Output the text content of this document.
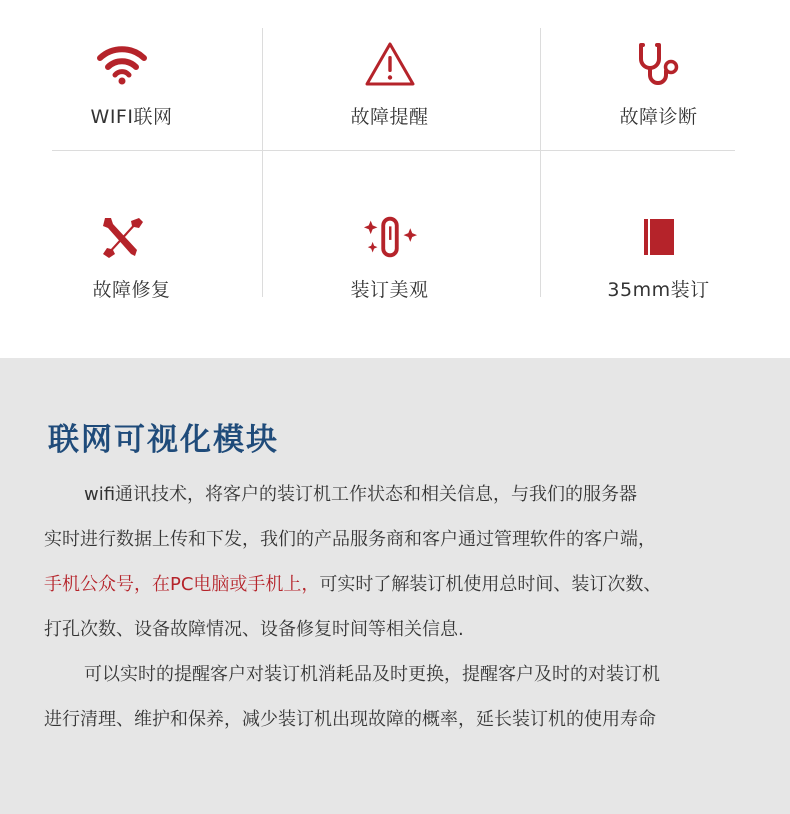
WIFI联网	故障提醒	故障诊断
故障修复	装订美观	35mm装订
联网可视化模块
wifi通讯技术，将客户的装订机工作状态和相关信息，与我们的服务器
实时进行数据上传和下发，我们的产品服务商和客户通过管理软件的客户端，
手机公众号，在PC电脑或手机上，可实时了解装订机使用总时间、装订次数、
打孔次数、设备故障情况、设备修复时间等相关信息.
可以实时的提醒客户对装订机消耗品及时更换，提醒客户及时的对装订机
进行清理、维护和保养，减少装订机出现故障的概率，延长装订机的使用寿命
